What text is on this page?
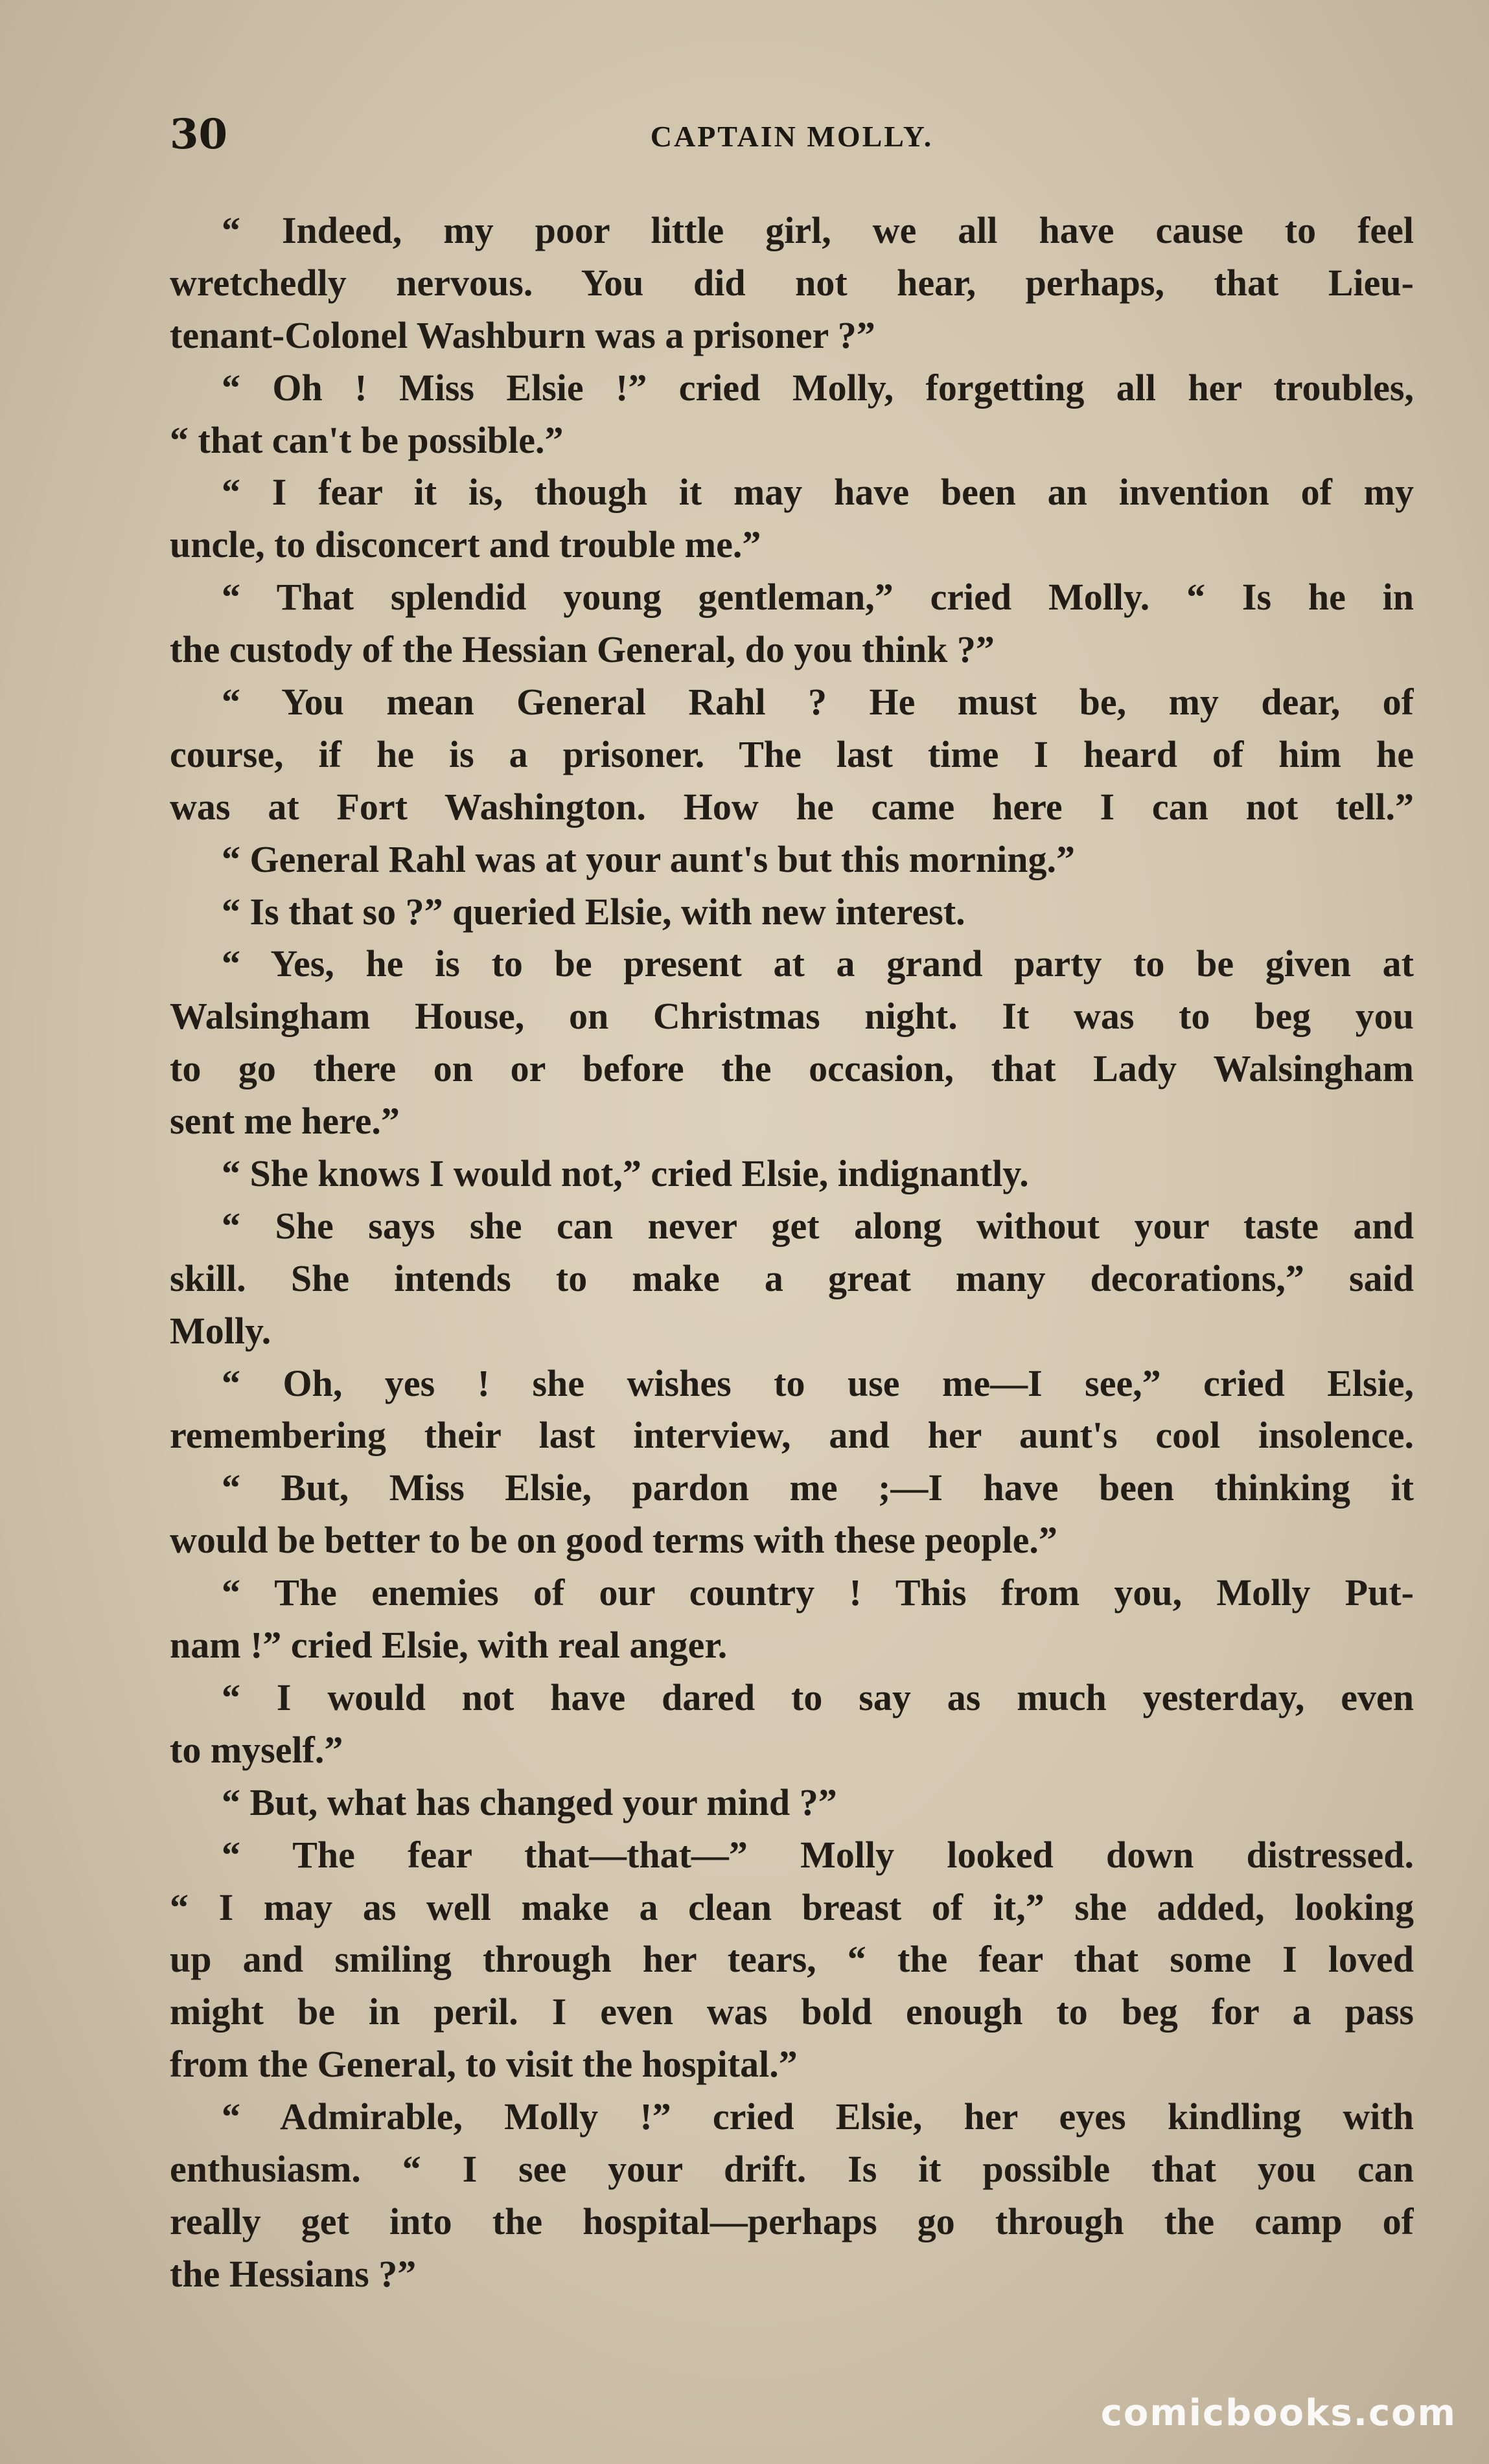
30	CAPTAIN MOLLY.
“ Indeed, my poor little girl, we all have cause to feel
wretchedly nervous. You did not hear, perhaps, that Lieu-
tenant-Colonel Washburn was a prisoner ?”
“ Oh ! Miss Elsie !” cried Molly, forgetting all her troubles,
“ that can't be possible.”
“ I fear it is, though it may have been an invention of my
uncle, to disconcert and trouble me.”
“ That splendid young gentleman,” cried Molly. “ Is he in
the custody of the Hessian General, do you think ?”
“ You mean General Rahl ? He must be, my dear, of
course, if he is a prisoner. The last time I heard of him he
was at Fort Washington. How he came here I can not tell.”
“ General Rahl was at your aunt's but this morning.”
“ Is that so ?” queried Elsie, with new interest.
“ Yes, he is to be present at a grand party to be given at
Walsingham House, on Christmas night. It was to beg you
to go there on or before the occasion, that Lady Walsingham
sent me here.”
“ She knows I would not,” cried Elsie, indignantly.
“ She says she can never get along without your taste and
skill. She intends to make a great many decorations,” said
Molly.
“ Oh, yes ! she wishes to use me—I see,” cried Elsie,
remembering their last interview, and her aunt's cool insolence.
“ But, Miss Elsie, pardon me ;—I have been thinking it
would be better to be on good terms with these people.”
“ The enemies of our country ! This from you, Molly Put-
nam !” cried Elsie, with real anger.
“ I would not have dared to say as much yesterday, even
to myself.”
“ But, what has changed your mind ?”
“ The fear that—that—” Molly looked down distressed.
“ I may as well make a clean breast of it,” she added, looking
up and smiling through her tears, “ the fear that some I loved
might be in peril. I even was bold enough to beg for a pass
from the General, to visit the hospital.”
“ Admirable, Molly !” cried Elsie, her eyes kindling with
enthusiasm. “ I see your drift. Is it possible that you can
really get into the hospital—perhaps go through the camp of
the Hessians ?”
comicbooks.com
